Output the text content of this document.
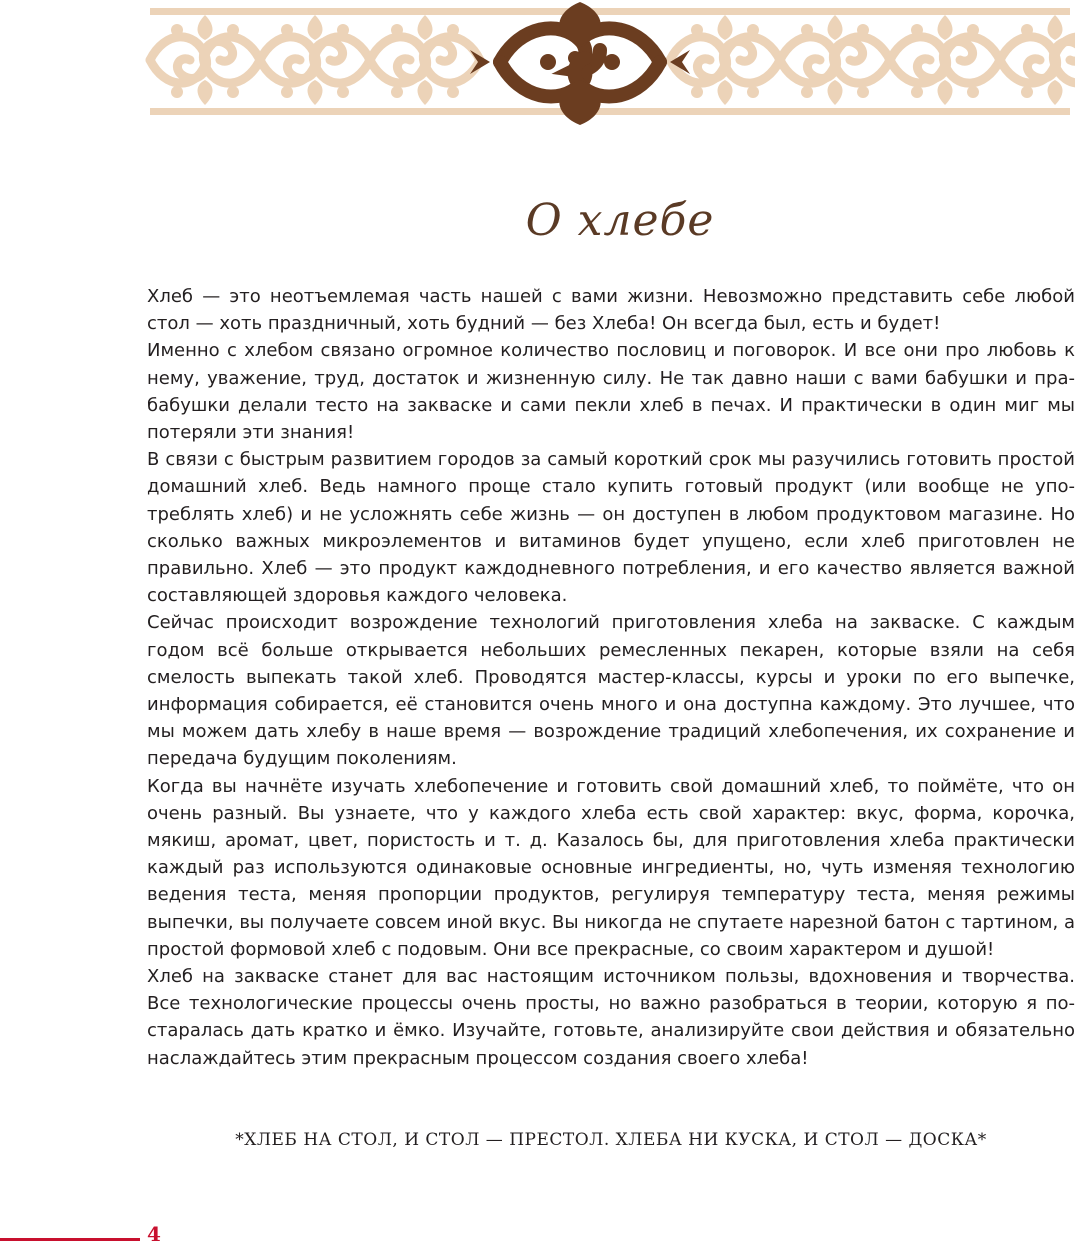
О хлебе

Хлеб — это неотъемлемая часть нашей с вами жизни. Невозможно представить себе любой стол — хоть праздничный, хоть будний — без Хлеба! Он всегда был, есть и будет!

Именно с хлебом связано огромное количество пословиц и поговорок. И все они про любовь к нему, уважение, труд, достаток и жизненную силу. Не так давно наши с вами бабушки и прабабушки делали тесто на закваске и сами пекли хлеб в печах. И практически в один миг мы потеряли эти знания!

В связи с быстрым развитием городов за самый короткий срок мы разучились готовить простой домашний хлеб. Ведь намного проще стало купить готовый продукт (или вообще не употреблять хлеб) и не усложнять себе жизнь — он доступен в любом продуктовом магазине. Но сколько важных микроэлементов и витаминов будет упущено, если хлеб приготовлен не правильно. Хлеб — это продукт каждодневного потребления, и его качество является важной составляющей здоровья каждого человека.

Сейчас происходит возрождение технологий приготовления хлеба на закваске. С каждым годом всё больше открывается небольших ремесленных пекарен, которые взяли на себя смелость выпекать такой хлеб. Проводятся мастер-классы, курсы и уроки по его выпечке, информация собирается, её становится очень много и она доступна каждому. Это лучшее, что мы можем дать хлебу в наше время — возрождение традиций хлебопечения, их сохранение и передача будущим поколениям.

Когда вы начнёте изучать хлебопечение и готовить свой домашний хлеб, то поймёте, что он очень разный. Вы узнаете, что у каждого хлеба есть свой характер: вкус, форма, корочка, мякиш, аромат, цвет, пористость и т. д. Казалось бы, для приготовления хлеба практически каждый раз используются одинаковые основные ингредиенты, но, чуть изменяя технологию ведения теста, меняя пропорции продуктов, регулируя температуру теста, меняя режимы выпечки, вы получаете совсем иной вкус. Вы никогда не спутаете нарезной батон с тартином, а простой формовой хлеб с подовым. Они все прекрасные, со своим характером и душой!

Хлеб на закваске станет для вас настоящим источником пользы, вдохновения и творчества. Все технологические процессы очень просты, но важно разобраться в теории, которую я постаралась дать кратко и ёмко. Изучайте, готовьте, анализируйте свои действия и обязательно наслаждайтесь этим прекрасным процессом создания своего хлеба!

*ХЛЕБ НА СТОЛ, И СТОЛ — ПРЕСТОЛ. ХЛЕБА НИ КУСКА, И СТОЛ — ДОСКА*
4
